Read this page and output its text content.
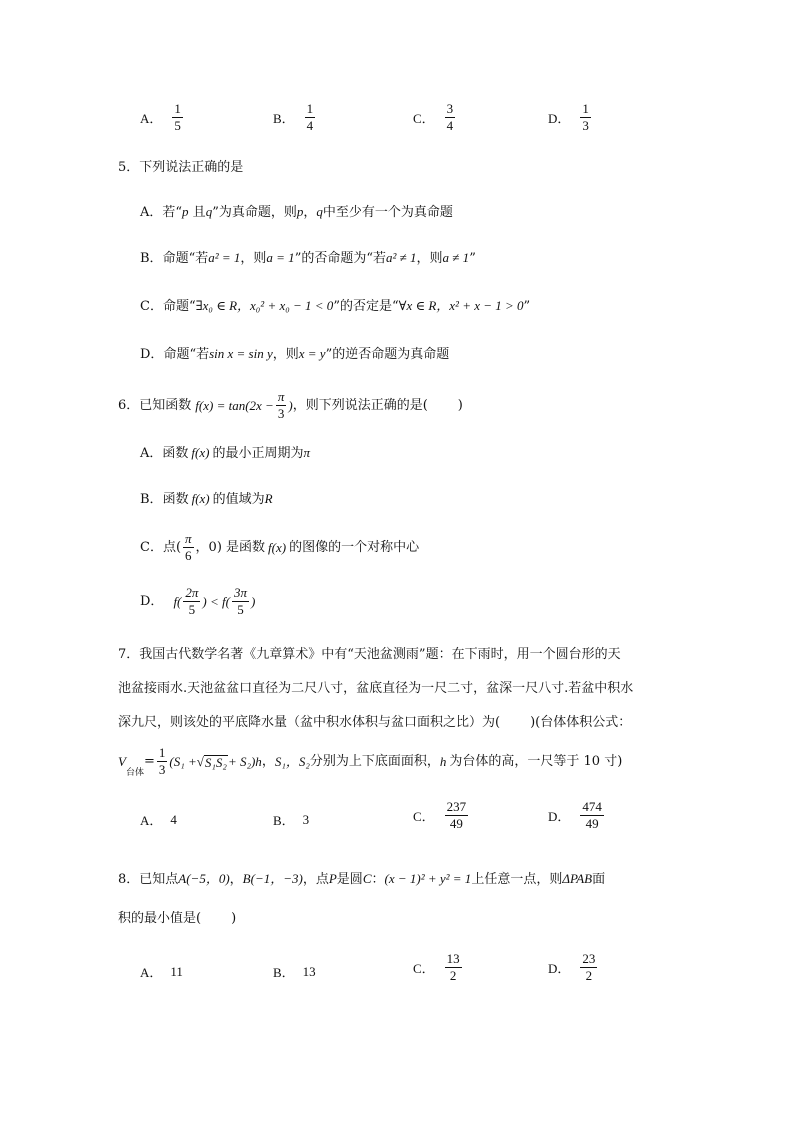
A． $\frac{1}{5}$	B． $\frac{1}{4}$	C． $\frac{3}{4}$	D． $\frac{1}{3}$
5．下列说法正确的是
A．若“p 且q”为真命题，则p，q中至少有一个为真命题
B．命题“若a² = 1，则a = 1”的否命题为“若a² ≠ 1，则a ≠ 1”
C．命题“∃x₀ ∈ R，x₀² + x₀ − 1 < 0”的否定是“∀x ∈ R，x² + x − 1 > 0”
D．命题“若sin x = sin y，则x = y”的逆否命题为真命题
6．已知函数 $f(x) = \tan(2x - \frac{\pi}{3}$ ) ，则下列说法正确的是 ( )
A．函数 f(x) 的最小正周期为π
B．函数 f(x) 的值域为R
C． 点( $\frac{\pi}{6}$ ，0) 是函数 f(x) 的图像的一个对称中心
D． $f( \frac{2\pi}{5}$ ) < $f( \frac{3\pi}{5}$ )
7．我国古代数学名著《九章算术》中有“天池盆测雨”题：在下雨时，用一个圆台形的天
池盆接雨水.天池盆盆口直径为二尺八寸，盆底直径为一尺二寸，盆深一尺八寸.若盆中积水
深九尺，则该处的平底降水量（盆中积水体积与盆口面积之比）为( )(台体体积公式：
V
台体
= $\frac{1}{3} (S_1$ + √ S₁S₂ + S₂)h ， S₁，S₂ 分别为上下底面面积， h 为台体的高，一尺等于 10 寸)
A． 4	B． 3	C． $\frac{237}{49}$	D． $\frac{474}{49}$
8．已知点A(−5，0)，B(−1，−3)，点P是圆C：(x − 1)² + y² = 1上任意一点，则ΔPAB面
积的最小值是( )
A． 11	B． 13	C． $\frac{13}{2}$	D． $\frac{23}{2}$
